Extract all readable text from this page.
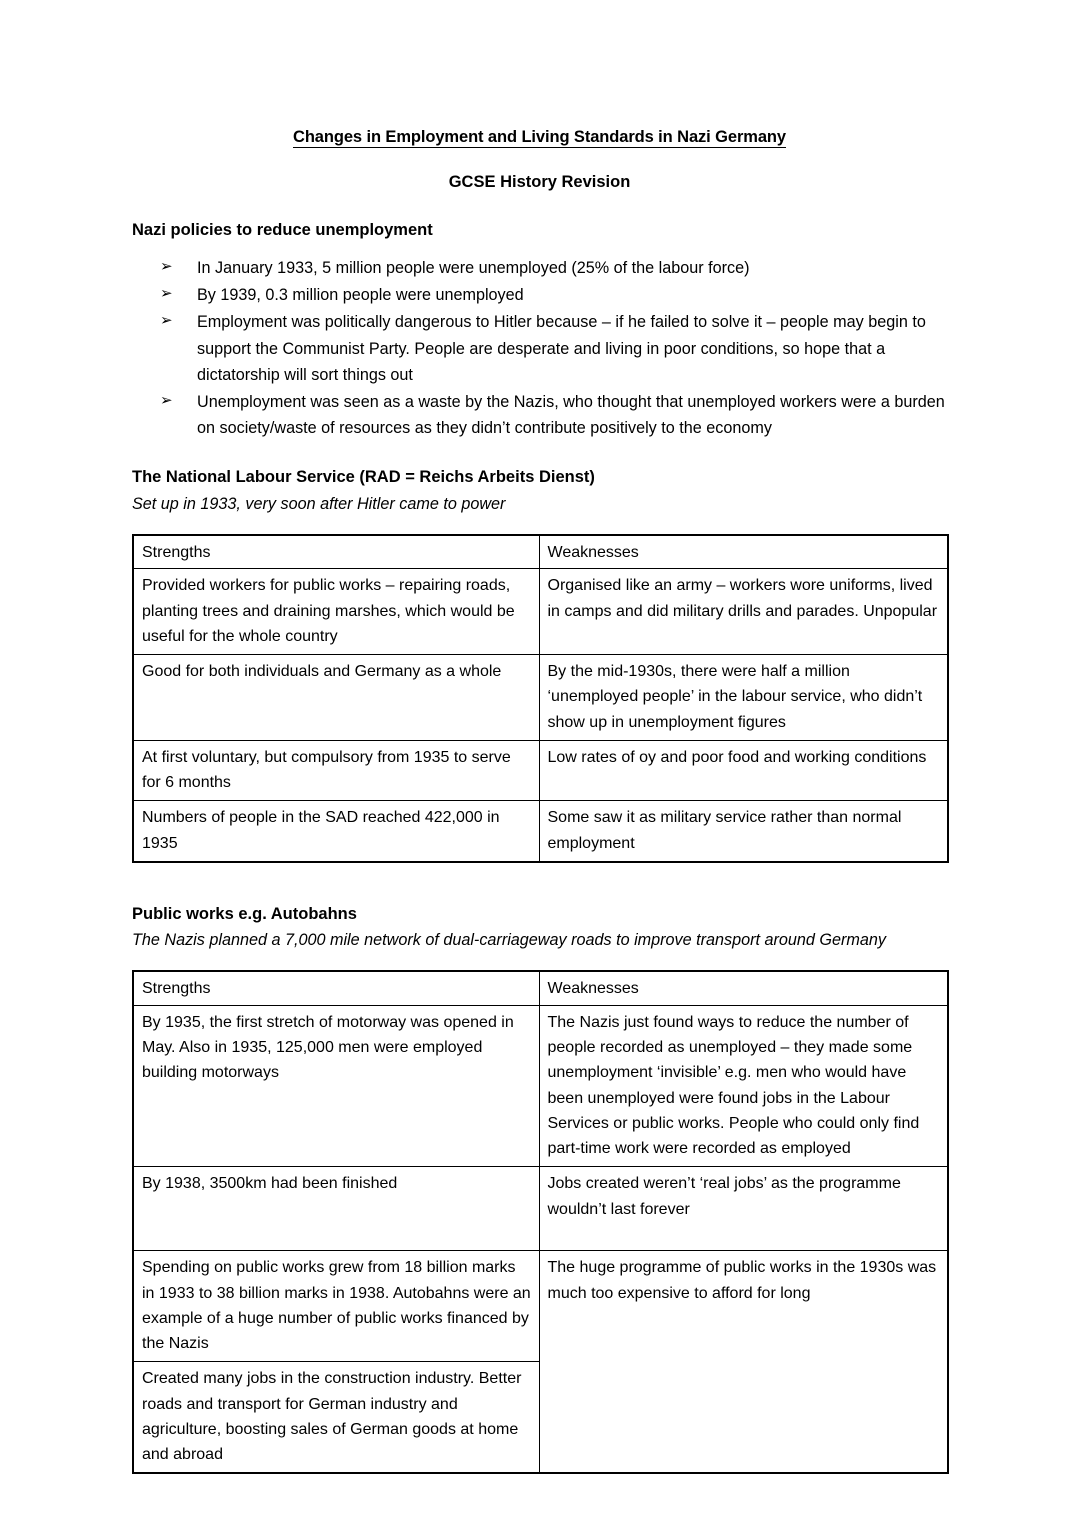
Changes in Employment and Living Standards in Nazi Germany
GCSE History Revision
Nazi policies to reduce unemployment
➢ In January 1933, 5 million people were unemployed (25% of the labour force)
➢ By 1939, 0.3 million people were unemployed
➢ Employment was politically dangerous to Hitler because – if he failed to solve it – people may begin to support the Communist Party. People are desperate and living in poor conditions, so hope that a dictatorship will sort things out
➢ Unemployment was seen as a waste by the Nazis, who thought that unemployed workers were a burden on society/waste of resources as they didn’t contribute positively to the economy
The National Labour Service (RAD = Reichs Arbeits Dienst)
Set up in 1933, very soon after Hitler came to power
Strengths	Weaknesses
Provided workers for public works – repairing roads, planting trees and draining marshes, which would be useful for the whole country	Organised like an army – workers wore uniforms, lived in camps and did military drills and parades. Unpopular
Good for both individuals and Germany as a whole	By the mid-1930s, there were half a million ‘unemployed people’ in the labour service, who didn’t show up in unemployment figures
At first voluntary, but compulsory from 1935 to serve for 6 months	Low rates of oy and poor food and working conditions
Numbers of people in the SAD reached 422,000 in 1935	Some saw it as military service rather than normal employment
Public works e.g. Autobahns
The Nazis planned a 7,000 mile network of dual-carriageway roads to improve transport around Germany
Strengths	Weaknesses
By 1935, the first stretch of motorway was opened in May. Also in 1935, 125,000 men were employed building motorways	The Nazis just found ways to reduce the number of people recorded as unemployed – they made some unemployment ‘invisible’ e.g. men who would have been unemployed were found jobs in the Labour Services or public works. People who could only find part-time work were recorded as employed
By 1938, 3500km had been finished	Jobs created weren’t ‘real jobs’ as the programme wouldn’t last forever
Spending on public works grew from 18 billion marks in 1933 to 38 billion marks in 1938. Autobahns were an example of a huge number of public works financed by the Nazis	The huge programme of public works in the 1930s was much too expensive to afford for long
Created many jobs in the construction industry. Better roads and transport for German industry and agriculture, boosting sales of German goods at home and abroad	
